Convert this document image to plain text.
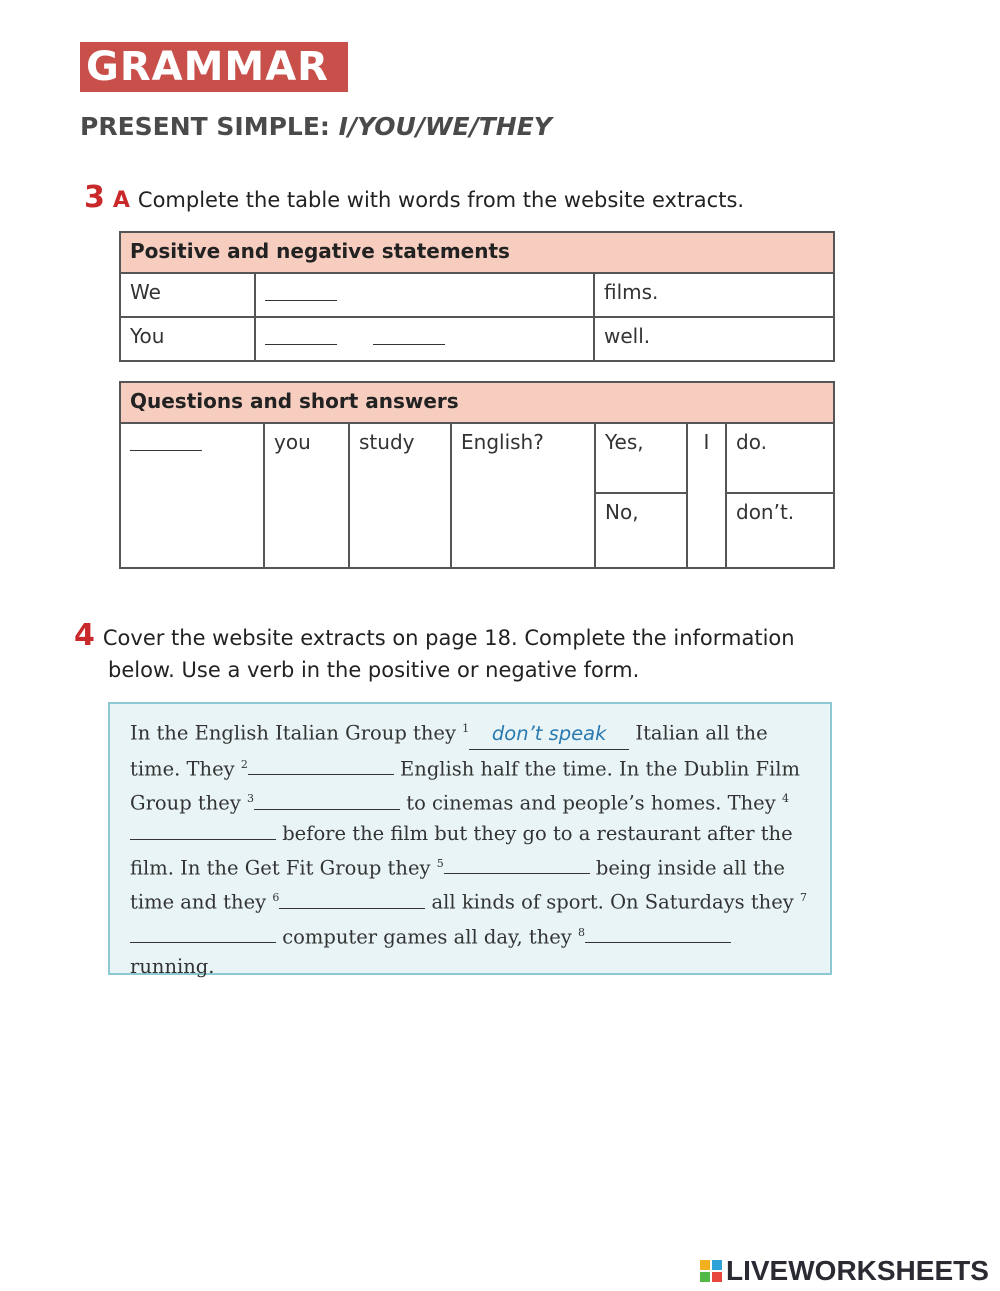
GRAMMAR
PRESENT SIMPLE: I/YOU/WE/THEY
3 A Complete the table with words from the website extracts.
Positive and negative statements		
We		films.
You		well.
Questions and short answers						
	you	study	English?	Yes,	I	do.
				No,		don’t.
4 Cover the website extracts on page 18. Complete the information
below. Use a verb in the positive or negative form.
In the English Italian Group they $^1$ don’t speak Italian all the time. They $^2$	English half the time. In the Dublin Film Group they $^3$	to cinemas and people’s homes. They $^4$ before the film but they go to a restaurant after the film. In the Get Fit Group they $^5$	being inside all the time and they $^6$	all kinds of sport. On Saturdays they $^7$ computer games all day, they $^8$ running.
LIVEWORKSHEETS
